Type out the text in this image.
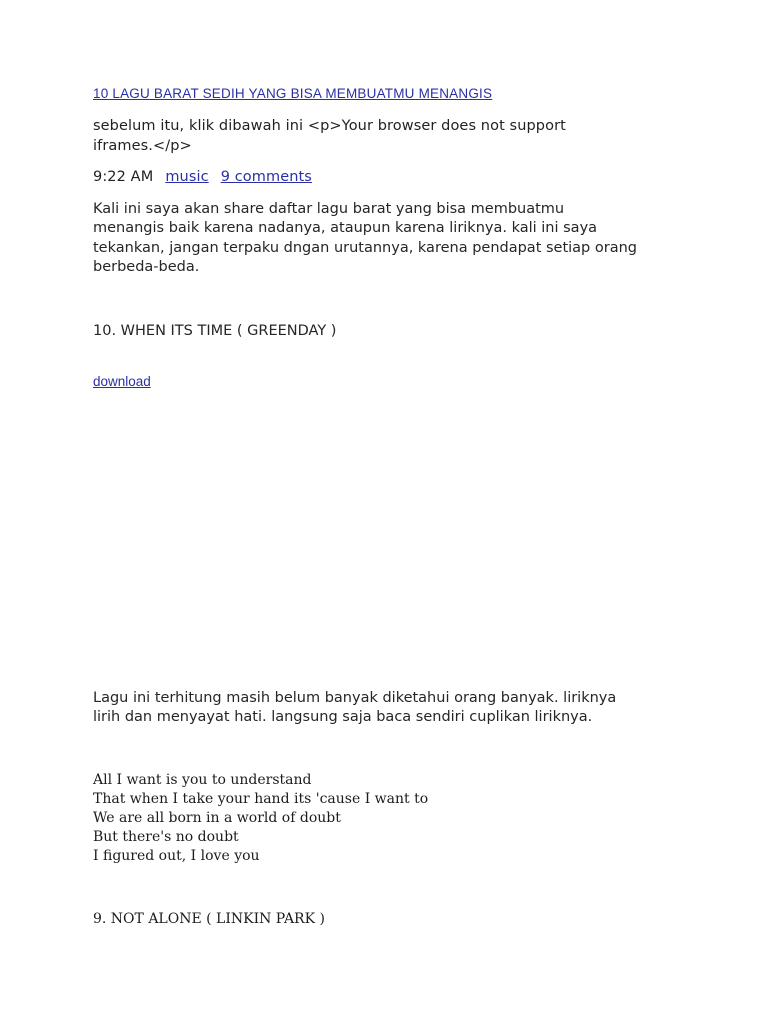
10 LAGU BARAT SEDIH YANG BISA MEMBUATMU MENANGIS
sebelum itu, klik dibawah ini <p>Your browser does not support
iframes.</p>
9:22 AM music 9 comments
Kali ini saya akan share daftar lagu barat yang bisa membuatmu
menangis baik karena nadanya, ataupun karena liriknya. kali ini saya
tekankan, jangan terpaku dngan urutannya, karena pendapat setiap orang
berbeda-beda.
10. WHEN ITS TIME ( GREENDAY )
download
Lagu ini terhitung masih belum banyak diketahui orang banyak. liriknya
lirih dan menyayat hati. langsung saja baca sendiri cuplikan liriknya.
All I want is you to understand
That when I take your hand its 'cause I want to
We are all born in a world of doubt
But there's no doubt
I figured out, I love you
9. NOT ALONE ( LINKIN PARK )
